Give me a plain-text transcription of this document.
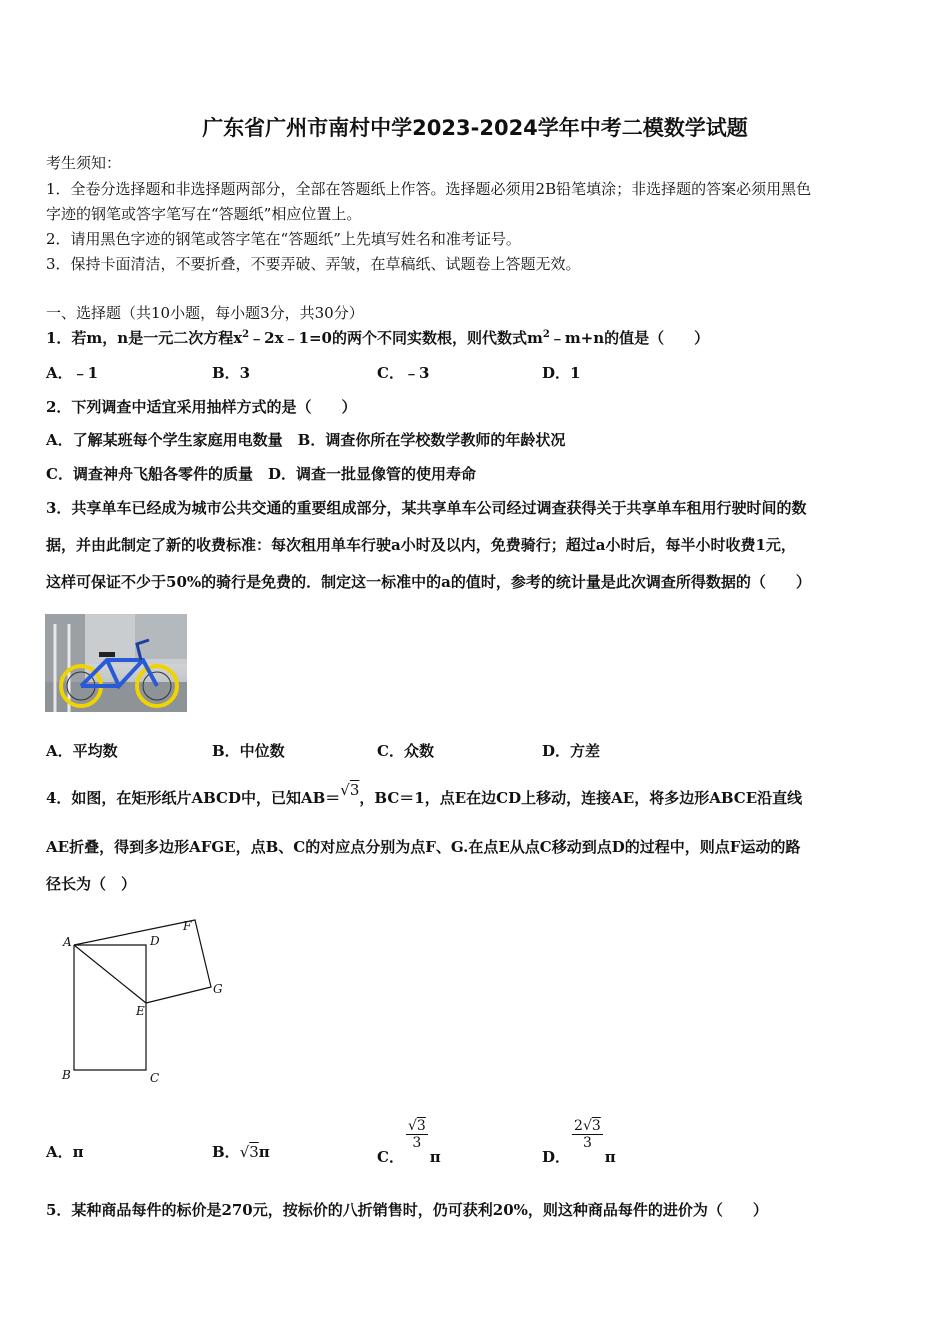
广东省广州市南村中学2023-2024学年中考二模数学试题
考生须知：
1．全卷分选择题和非选择题两部分，全部在答题纸上作答。选择题必须用2B铅笔填涂；非选择题的答案必须用黑色
字迹的钢笔或答字笔写在“答题纸”相应位置上。
2．请用黑色字迹的钢笔或答字笔在“答题纸”上先填写姓名和准考证号。
3．保持卡面清洁，不要折叠，不要弄破、弄皱，在草稿纸、试题卷上答题无效。
一、选择题（共10小题，每小题3分，共30分）
1．若m，n是一元二次方程$x^2﹣2x﹣1=0$的两个不同实数根，则代数式$m^2﹣m+n$的值是（　　）
A．﹣1	B．3	C．﹣3	D．1
2．下列调查中适宜采用抽样方式的是（　　）
A．了解某班每个学生家庭用电数量　B．调查你所在学校数学教师的年龄状况
C．调查神舟飞船各零件的质量　D．调查一批显像管的使用寿命
3．共享单车已经成为城市公共交通的重要组成部分，某共享单车公司经过调查获得关于共享单车租用行驶时间的数
据，并由此制定了新的收费标准：每次租用单车行驶a小时及以内，免费骑行；超过a小时后，每半小时收费1元，
这样可保证不少于50%的骑行是免费的．制定这一标准中的a的值时，参考的统计量是此次调查所得数据的（　　）
A．平均数	B．中位数	C．众数	D．方差
4．如图，在矩形纸片ABCD中，已知AB＝√3，BC＝1，点E在边CD上移动，连接AE，将多边形ABCE沿直线
AE折叠，得到多边形AFGE，点B、C的对应点分别为点F、G.在点E从点C移动到点D的过程中，则点F运动的路
径长为（　）
A	D
F
G
E
B	C
A．π	B．√3π	C．
$\frac{√3}{3}$
π	D．
$\frac{2√3}{3}$
π
5．某种商品每件的标价是270元，按标价的八折销售时，仍可获利20%，则这种商品每件的进价为（　　）
